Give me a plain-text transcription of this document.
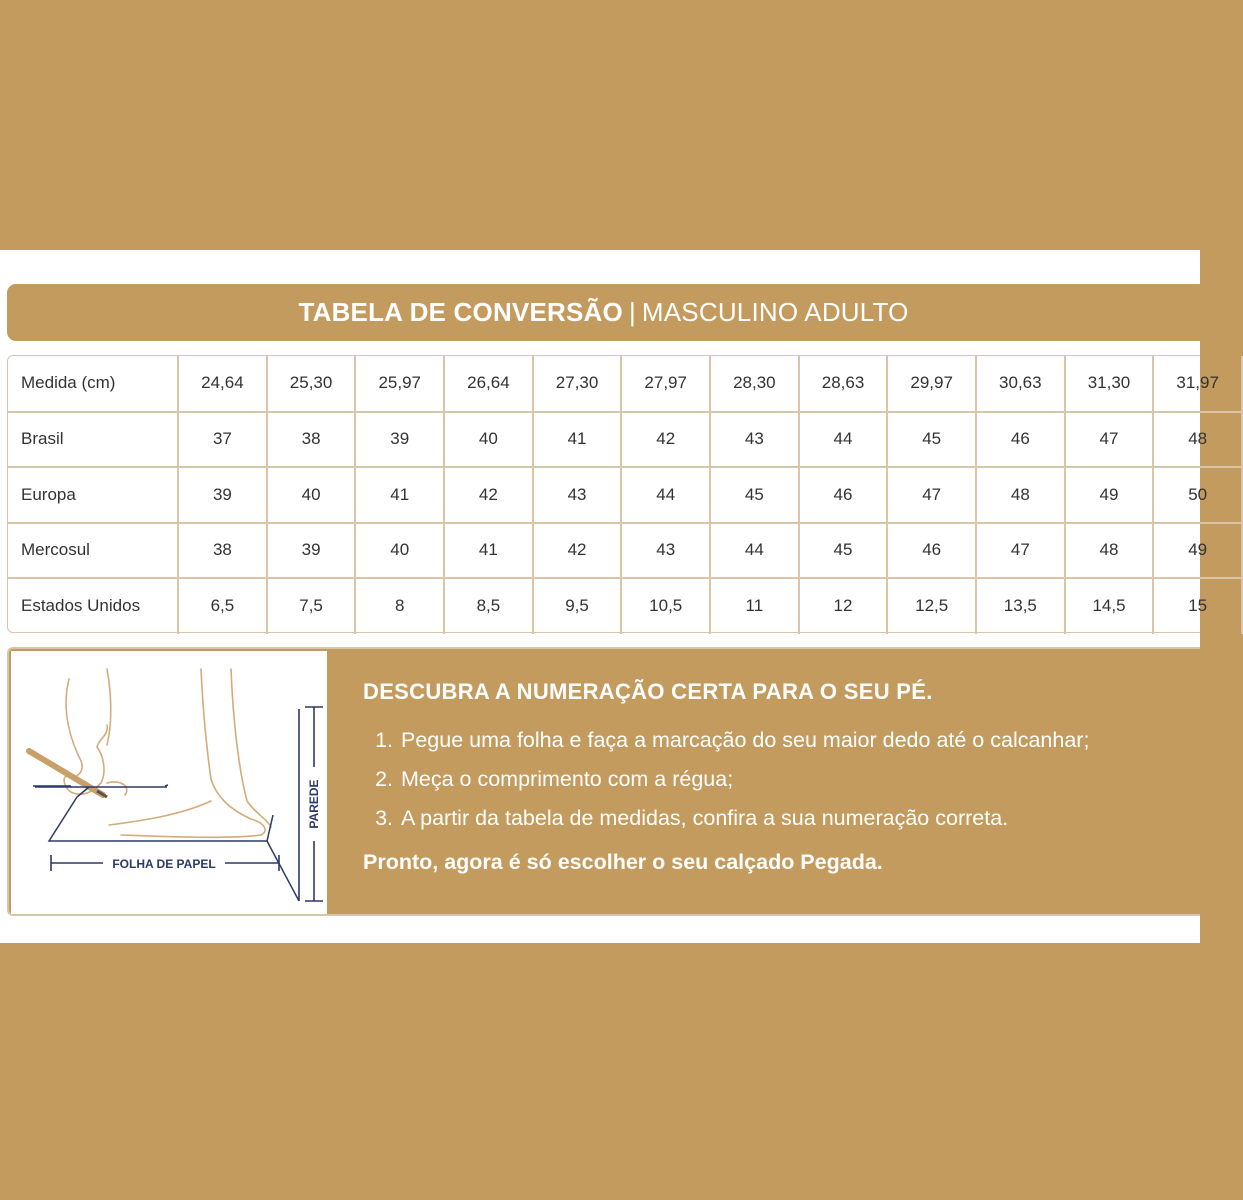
TABELA DE CONVERSÃO | MASCULINO ADULTO
Medida (cm)	24,64	25,30	25,97	26,64	27,30	27,97	28,30	28,63	29,97	30,63	31,30	31,97
Brasil	37	38	39	40	41	42	43	44	45	46	47	48
Europa	39	40	41	42	43	44	45	46	47	48	49	50
Mercosul	38	39	40	41	42	43	44	45	46	47	48	49
Estados Unidos	6,5	7,5	8	8,5	9,5	10,5	11	12	12,5	13,5	14,5	15
FOLHA DE PAPEL
PAREDE
DESCUBRA A NUMERAÇÃO CERTA PARA O SEU PÉ.
1. Pegue uma folha e faça a marcação do seu maior dedo até o calcanhar;
2. Meça o comprimento com a régua;
3. A partir da tabela de medidas, confira a sua numeração correta.
Pronto, agora é só escolher o seu calçado Pegada.
